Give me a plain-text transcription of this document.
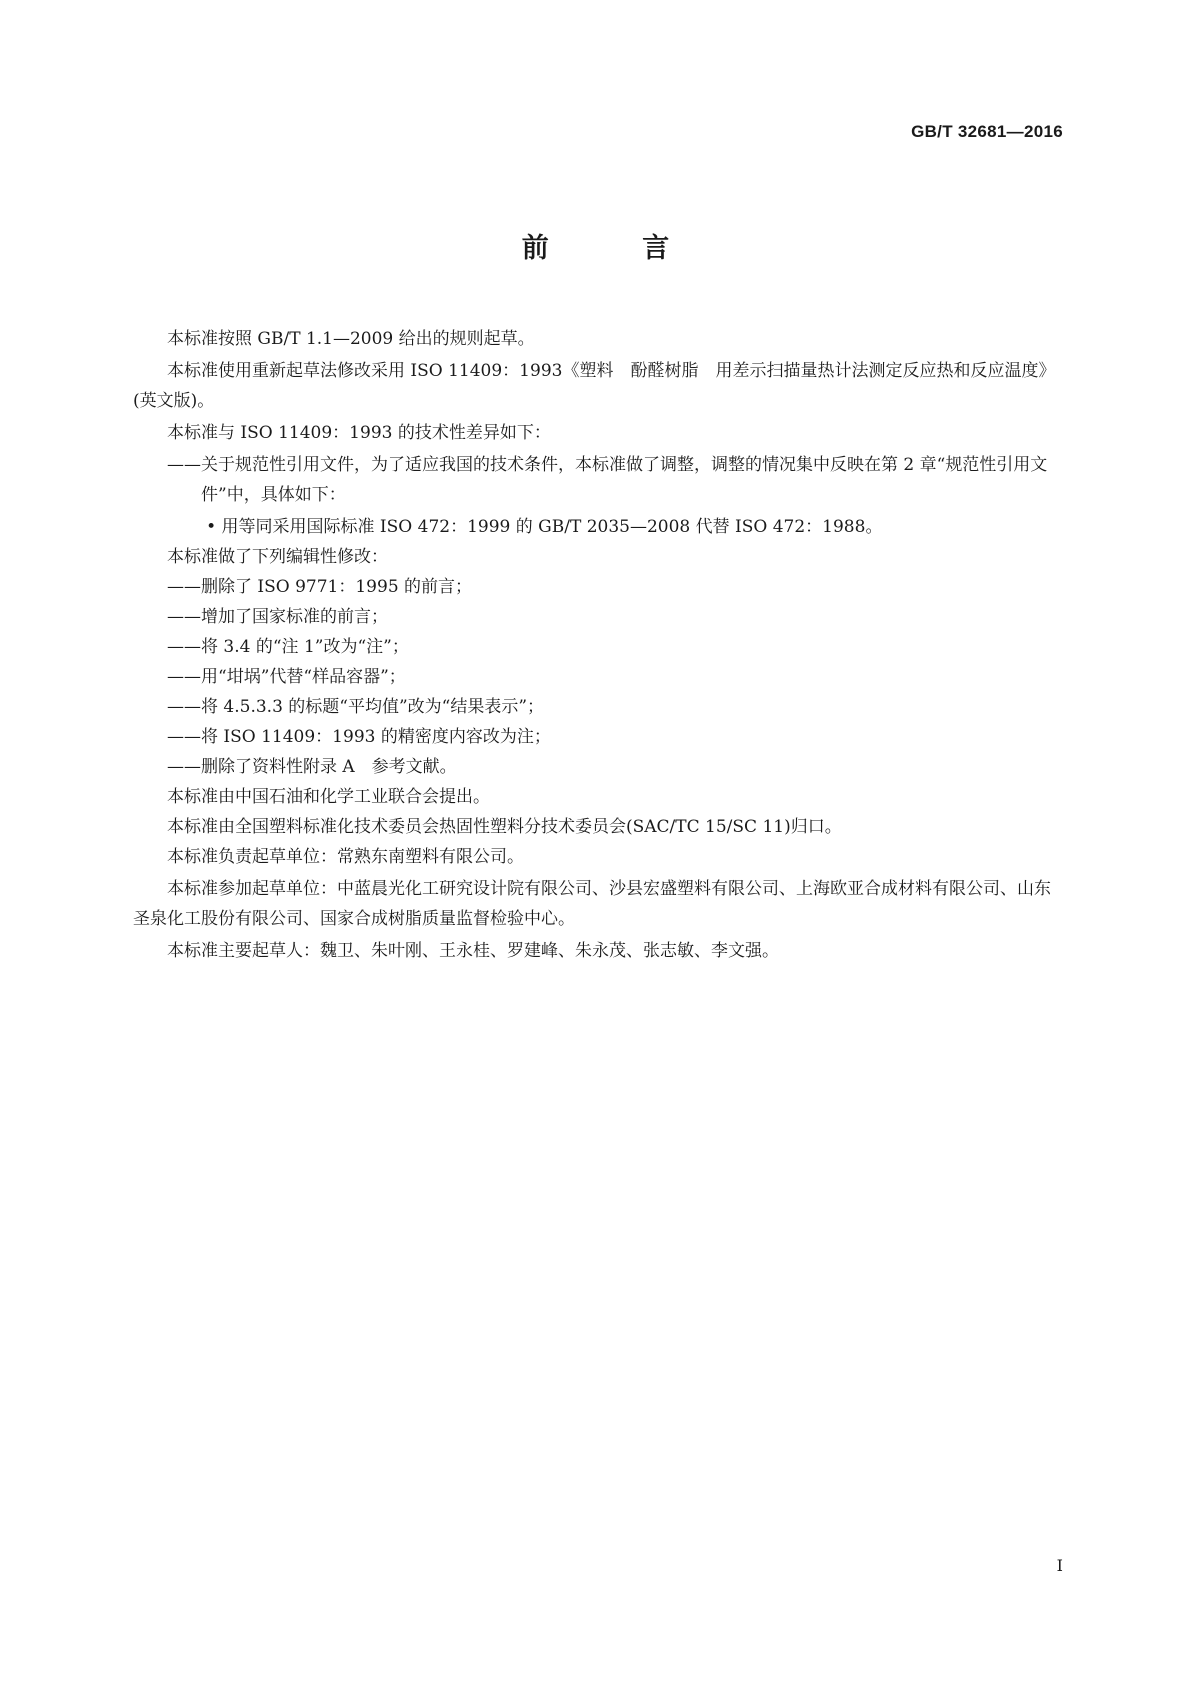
GB/T 32681—2016
前 言

本标准按照 GB/T 1.1—2009 给出的规则起草。

本标准使用重新起草法修改采用 ISO 11409：1993《塑料　酚醛树脂　用差示扫描量热计法测定反应热和反应温度》(英文版)。

本标准与 ISO 11409：1993 的技术性差异如下：

——关于规范性引用文件，为了适应我国的技术条件，本标准做了调整，调整的情况集中反映在第 2 章“规范性引用文件”中，具体如下：

• 用等同采用国际标准 ISO 472：1999 的 GB/T 2035—2008 代替 ISO 472：1988。

本标准做了下列编辑性修改：

——删除了 ISO 9771：1995 的前言；

——增加了国家标准的前言；

——将 3.4 的“注 1”改为“注”；

——用“坩埚”代替“样品容器”；

——将 4.5.3.3 的标题“平均值”改为“结果表示”；

——将 ISO 11409：1993 的精密度内容改为注；

——删除了资料性附录 A　参考文献。

本标准由中国石油和化学工业联合会提出。

本标准由全国塑料标准化技术委员会热固性塑料分技术委员会(SAC/TC 15/SC 11)归口。

本标准负责起草单位：常熟东南塑料有限公司。

本标准参加起草单位：中蓝晨光化工研究设计院有限公司、沙县宏盛塑料有限公司、上海欧亚合成材料有限公司、山东圣泉化工股份有限公司、国家合成树脂质量监督检验中心。

本标准主要起草人：魏卫、朱叶刚、王永桂、罗建峰、朱永茂、张志敏、李文强。

I
